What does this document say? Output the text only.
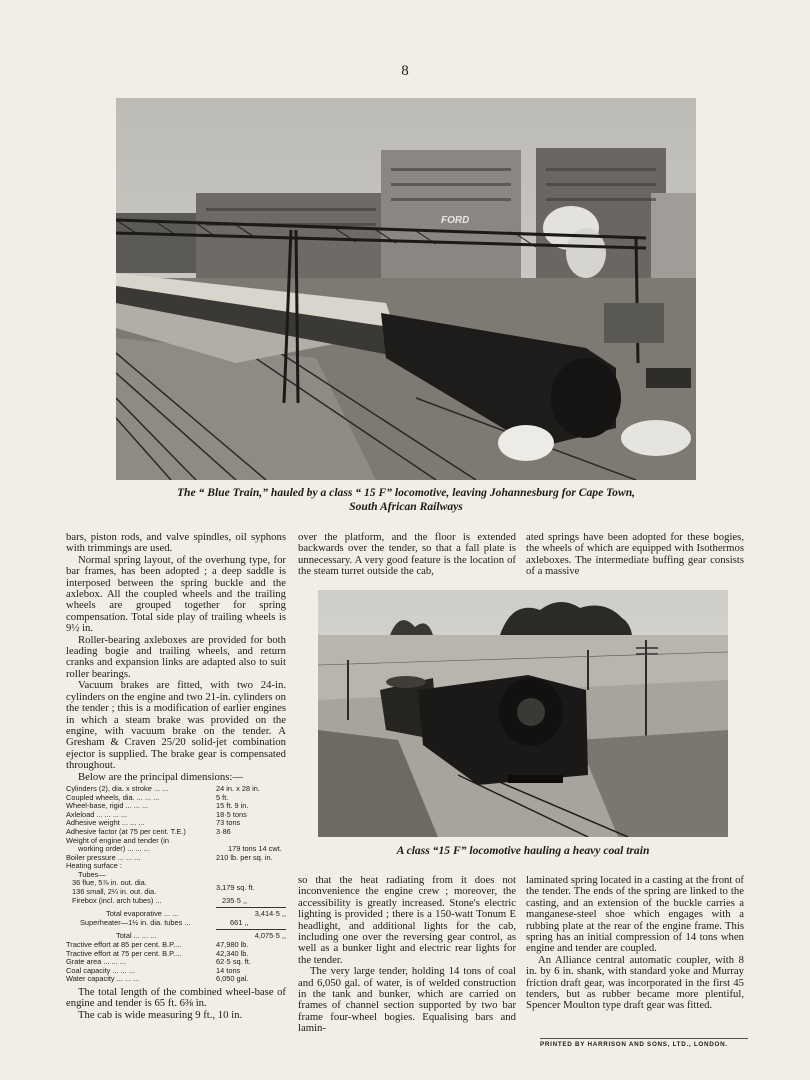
8
FORD
The “ Blue Train,” hauled by a class “ 15 F” locomotive, leaving Johannesburg for Cape Town,
South African Railways

bars, piston rods, and valve spindles, oil syphons with trimmings are used.

Normal spring layout, of the overhung type, for bar frames, has been adopted ; a deep saddle is interposed between the spring buckle and the axlebox. All the coupled wheels and the trailing wheels are grouped together for spring compensation. Total side play of trailing wheels is 9½ in.

Roller-bearing axleboxes are provided for both leading bogie and trailing wheels, and return cranks and expansion links are adapted also to suit roller bearings.

Vacuum brakes are fitted, with two 24-in. cylinders on the engine and two 21-in. cylinders on the tender ; this is a modification of earlier engines in which a steam brake was provided on the engine, with vacuum brake on the tender. A Gresham & Craven 25/20 solid-jet combination ejector is supplied. The brake gear is compensated throughout.

Below are the principal dimensions:—

Cylinders (2), dia. x stroke ... ...	24 in. x 28 in.
Coupled wheels, dia. ... ... ...	5 ft.
Wheel-base, rigid ... ... ...	15 ft. 9 in.
Axleload ... ... ... ...	18·5 tons
Adhesive weight ... ... ...	73 tons
Adhesive factor (at 75 per cent. T.E.)	3·86
Weight of engine and tender (in
working order) ... ... ...	179 tons 14 cwt.
Boiler pressure ... ... ...	210 lb. per sq. in.
Heating surface :
Tubes—
36 flue, 5⅞ in. out. dia.
136 small, 2¼ in. out. dia.	3,179 sq. ft.
Firebox (incl. arch tubes) ...	235·5 ,,
Total evaporative ... ...	3,414·5 ,,
Superheater—1½ in. dia. tubes ...	661 ,,
Total ... ... ...	4,075·5 ,,
Tractive effort at 85 per cent. B.P....	47,980 lb.
Tractive effort at 75 per cent. B.P....	42,340 lb.
Grate area ... ... ...	62·5 sq. ft.
Coal capacity ... ... ...	14 tons
Water capacity ... ... ...	6,050 gal.

The total length of the combined wheel-base of engine and tender is 65 ft. 6⅜ in.

The cab is wide measuring 9 ft., 10 in.

over the platform, and the floor is extended backwards over the tender, so that a fall plate is unnecessary. A very good feature is the location of the steam turret outside the cab,

ated springs have been adopted for these bogies, the wheels of which are equipped with Isothermos axleboxes. The intermediate buffing gear consists of a massive

A class “15 F” locomotive hauling a heavy coal train

so that the heat radiating from it does not inconvenience the engine crew ; moreover, the accessibility is greatly increased. Stone's electric lighting is provided ; there is a 150-watt Tonum E headlight, and additional lights for the cab, including one over the reversing gear control, as well as a bunker light and electric rear lights for the tender.

The very large tender, holding 14 tons of coal and 6,050 gal. of water, is of welded construction in the tank and bunker, which are carried on frames of channel section supported by two bar frame four-wheel bogies. Equalising bars and lamin-

laminated spring located in a casting at the front of the tender. The ends of the spring are linked to the casting, and an extension of the buckle carries a manganese-steel shoe which engages with a rubbing plate at the rear of the engine frame. This spring has an initial compression of 14 tons when engine and tender are coupled.

An Alliance central automatic coupler, with 8 in. by 6 in. shank, with standard yoke and Murray friction draft gear, was incorporated in the first 45 tenders, but as rubber became more plentiful, Spencer Moulton type draft gear was fitted.

PRINTED BY HARRISON AND SONS, LTD., LONDON.
